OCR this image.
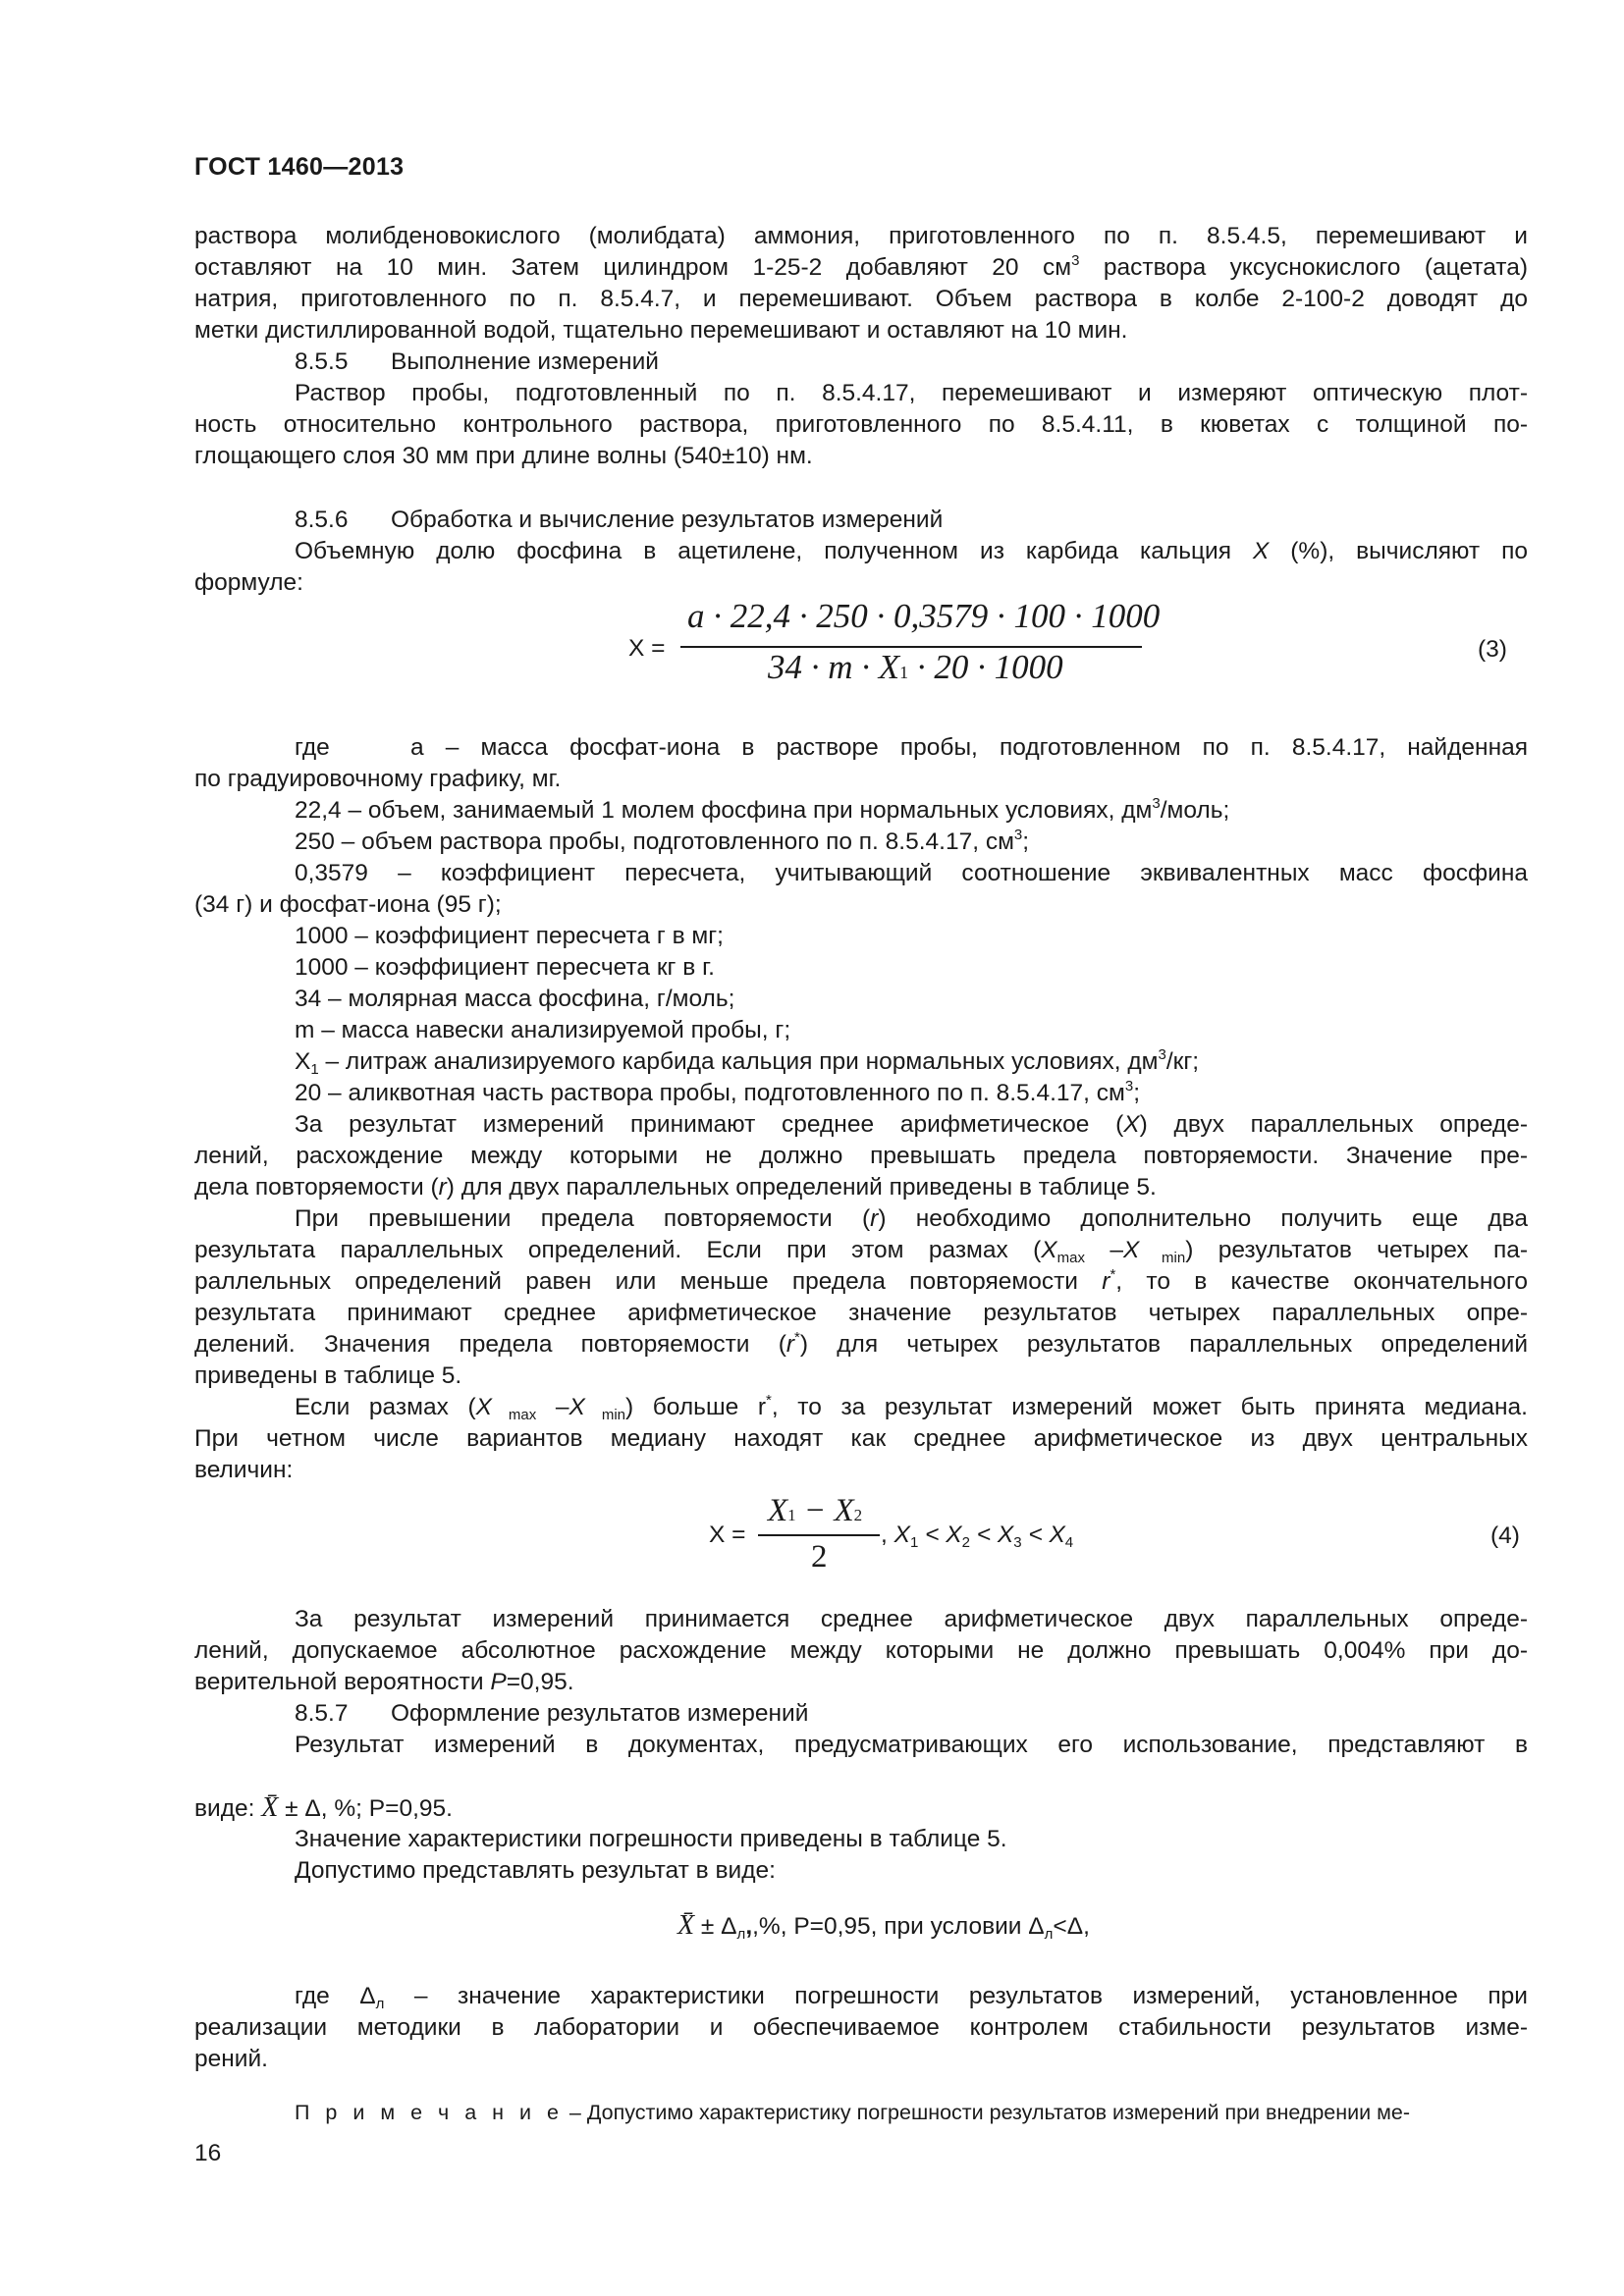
ГОСТ 1460—2013
раствора молибденовокислого (молибдата) аммония, приготовленного по п. 8.5.4.5, перемешивают и
оставляют на 10 мин. Затем цилиндром 1-25-2 добавляют 20 $см^3$ раствора уксуснокислого (ацетата)
натрия, приготовленного по п. 8.5.4.7, и перемешивают. Объем раствора в колбе 2-100-2 доводят до
метки дистиллированной водой, тщательно перемешивают и оставляют на 10 мин.
8.5.5 Выполнение измерений
Раствор пробы, подготовленный по п. 8.5.4.17, перемешивают и измеряют оптическую плот-
ность относительно контрольного раствора, приготовленного по 8.5.4.11, в кюветах с толщиной по-
глощающего слоя 30 мм при длине волны (540±10) нм.
8.5.6 Обработка и вычисление результатов измерений
Объемную долю фосфина в ацетилене, полученном из карбида кальция X (%), вычисляют по
формуле:
X =
a · 22,4 · 250 · 0,3579 · 100 · 1000
34 · m · X1 · 20 · 1000	(3)
где	а – масса фосфат-иона в растворе пробы, подготовленном по п. 8.5.4.17, найденная
по градуировочному графику, мг.
22,4 – объем, занимаемый 1 молем фосфина при нормальных условиях, $дм^3$/моль;
250 – объем раствора пробы, подготовленного по п. 8.5.4.17, $см^3$;
0,3579 – коэффициент пересчета, учитывающий соотношение эквивалентных масс фосфина
(34 г) и фосфат-иона (95 г);
1000 – коэффициент пересчета г в мг;
1000 – коэффициент пересчета кг в г.
34 – молярная масса фосфина, г/моль;
m – масса навески анализируемой пробы, г;
$Х_1$ – литраж анализируемого карбида кальция при нормальных условиях, $дм^3/кг$;
20 – аликвотная часть раствора пробы, подготовленного по п. 8.5.4.17, $см^3$;
За результат измерений принимают среднее арифметическое (X) двух параллельных опреде-
лений, расхождение между которыми не должно превышать предела повторяемости. Значение пре-
дела повторяемости (r) для двух параллельных определений приведены в таблице 5.
При превышении предела повторяемости (r) необходимо дополнительно получить еще два
результата параллельных определений. Если при этом размах ($X_{max}$ –X $_{min}$) результатов четырех па-
раллельных определений равен или меньше предела повторяемости r*, то в качестве окончательного
результата принимают среднее арифметическое значение результатов четырех параллельных опре-
делений. Значения предела повторяемости (r*) для четырех результатов параллельных определений
приведены в таблице 5.
Если размах (X $_{max}$ –X $_{min}$) больше r*, то за результат измерений может быть принята медиана.
При четном числе вариантов медиану находят как среднее арифметическое из двух центральных
величин:
X =
X1 − X2
2
, $X_1 < X_2 < X_3 < X_4$	(4)
За результат измерений принимается среднее арифметическое двух параллельных опреде-
лений, допускаемое абсолютное расхождение между которыми не должно превышать 0,004% при до-
верительной вероятности P=0,95.
8.5.7 Оформление результатов измерений
Результат измерений в документах, предусматривающих его использование, представляют в
виде: X̄ ± Δ, %; Р=0,95.
Значение характеристики погрешности приведены в таблице 5.
Допустимо представлять результат в виде:
X̄ ± $\Delta_л,,\%$, Р=0,95, при условии $\Delta_л<\Delta$,
где $\Delta_л$ – значение характеристики погрешности результатов измерений, установленное при
реализации методики в лаборатории и обеспечиваемое контролем стабильности результатов изме-
рений.
П р и м е ч а н и е – Допустимо характеристику погрешности результатов измерений при внедрении ме-
16
